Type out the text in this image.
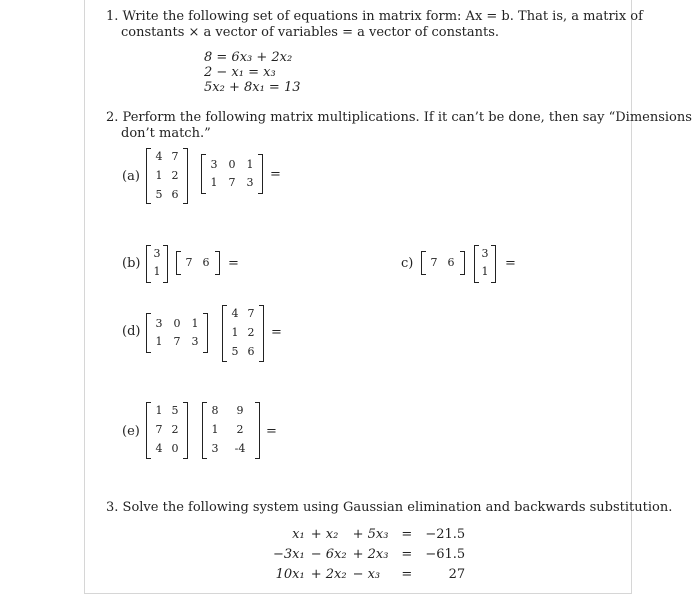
1. Write the following set of equations in matrix form: Ax = b. That is, a matrix of
constants × a vector of variables = a vector of constants.
8 = 6x₃ + 2x₂
2 − x₁ = x₃
5x₂ + 8x₁ = 13
2. Perform the following matrix multiplications. If it can’t be done, then say “Dimensions
don’t match.”
(a)
4 7
1 2
5 6
3	0	1
1	7	3
=
(b)
3
1
7 6	=	c)	7 6
3
1
=
(d)
3	0	1
1	7	3
4 7
1 2
5 6
=
(e)
1 5
7 2
4 0
8	9
1	2
3	-4
=
3. Solve the following system using Gaussian elimination and backwards substitution.
x₁	+ x₂	+ 5x₃	=	−21.5
−3x₁	− 6x₂	+ 2x₃	=	−61.5
10x₁	+ 2x₂	− x₃	=	27
